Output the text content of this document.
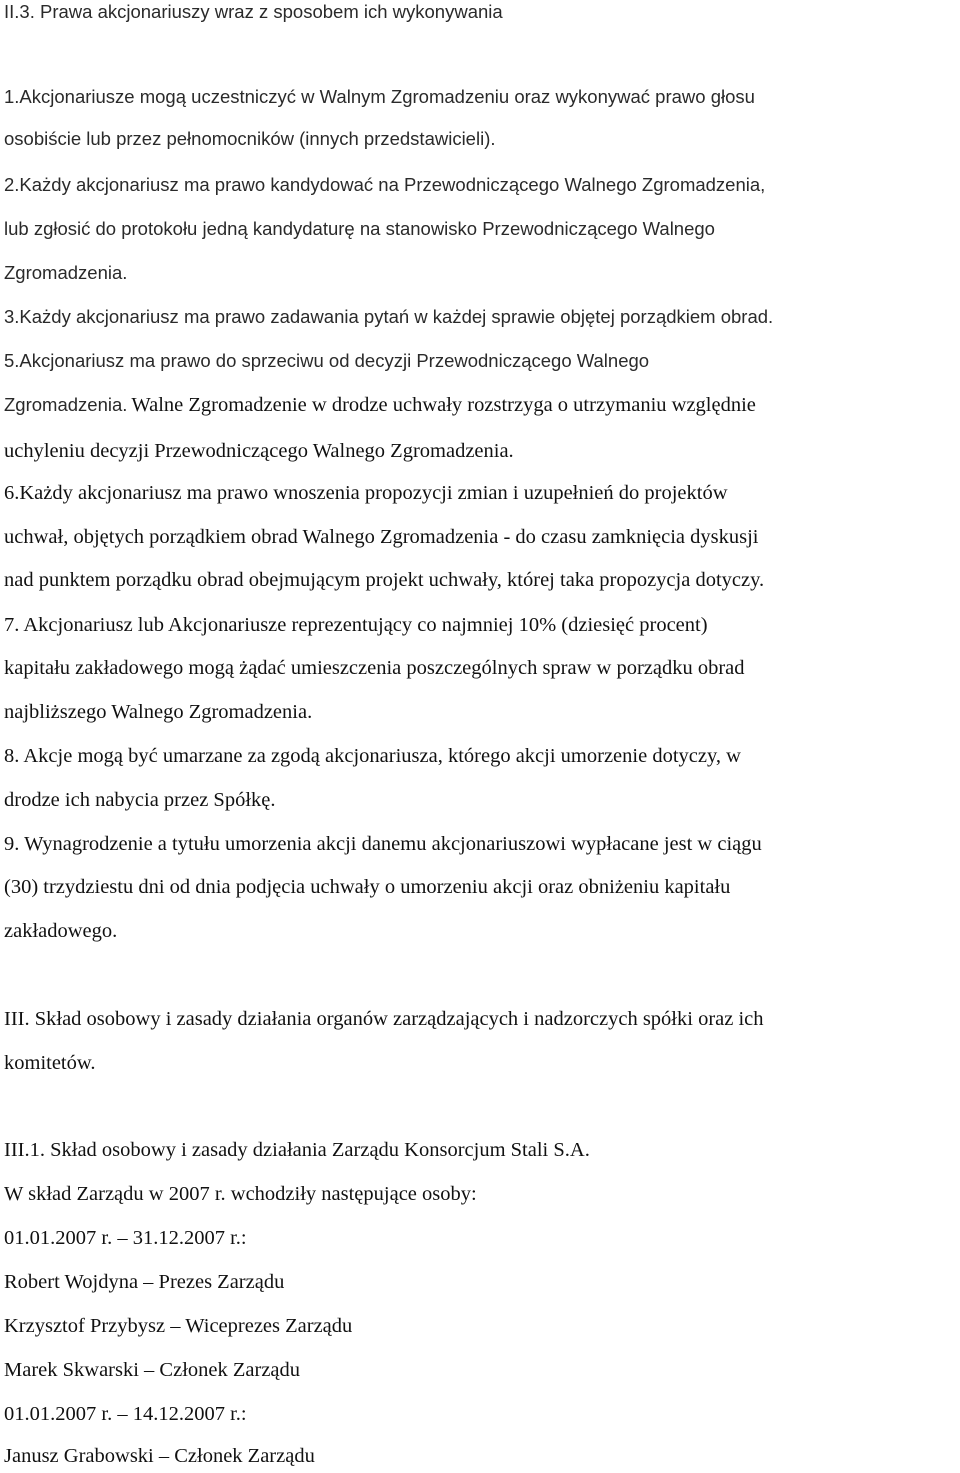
II.3. Prawa akcjonariuszy wraz z sposobem ich wykonywania
1.Akcjonariusze mogą uczestniczyć w Walnym Zgromadzeniu oraz wykonywać prawo głosu
osobiście lub przez pełnomocników (innych przedstawicieli).
2.Każdy akcjonariusz ma prawo kandydować na Przewodniczącego Walnego Zgromadzenia,
lub zgłosić do protokołu jedną kandydaturę na stanowisko Przewodniczącego Walnego
Zgromadzenia.
3.Każdy akcjonariusz ma prawo zadawania pytań w każdej sprawie objętej porządkiem obrad.
5.Akcjonariusz ma prawo do sprzeciwu od decyzji Przewodniczącego Walnego
Zgromadzenia. Walne Zgromadzenie w drodze uchwały rozstrzyga o utrzymaniu względnie
uchyleniu decyzji Przewodniczącego Walnego Zgromadzenia.
6.Każdy akcjonariusz ma prawo wnoszenia propozycji zmian i uzupełnień do projektów
uchwał, objętych porządkiem obrad Walnego Zgromadzenia - do czasu zamknięcia dyskusji
nad punktem porządku obrad obejmującym projekt uchwały, której taka propozycja dotyczy.
7. Akcjonariusz lub Akcjonariusze reprezentujący co najmniej 10% (dziesięć procent)
kapitału zakładowego mogą żądać umieszczenia poszczególnych spraw w porządku obrad
najbliższego Walnego Zgromadzenia.
8. Akcje mogą być umarzane za zgodą akcjonariusza, którego akcji umorzenie dotyczy, w
drodze ich nabycia przez Spółkę.
9. Wynagrodzenie a tytułu umorzenia akcji danemu akcjonariuszowi wypłacane jest w ciągu
(30) trzydziestu dni od dnia podjęcia uchwały o umorzeniu akcji oraz obniżeniu kapitału
zakładowego.
III. Skład osobowy i zasady działania organów zarządzających i nadzorczych spółki oraz ich
komitetów.
III.1. Skład osobowy i zasady działania Zarządu Konsorcjum Stali S.A.
W skład Zarządu w 2007 r. wchodziły następujące osoby:
01.01.2007 r. – 31.12.2007 r.:
Robert Wojdyna – Prezes Zarządu
Krzysztof Przybysz – Wiceprezes Zarządu
Marek Skwarski – Członek Zarządu
01.01.2007 r. – 14.12.2007 r.:
Janusz Grabowski – Członek Zarządu
